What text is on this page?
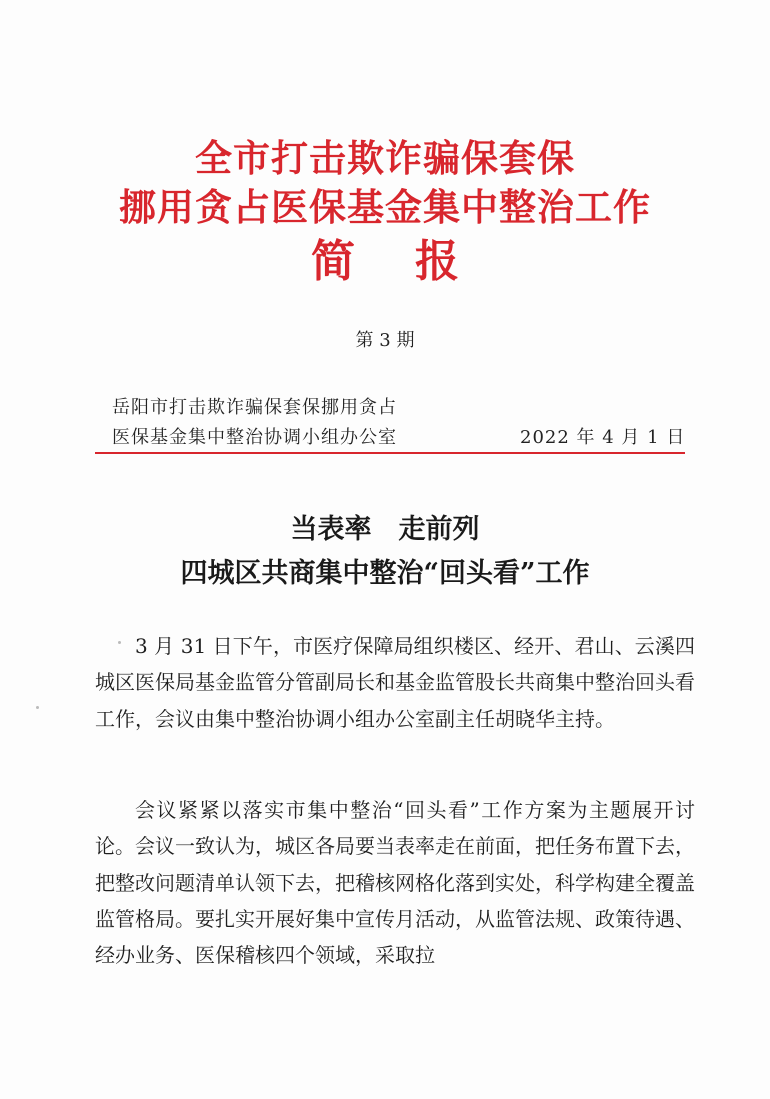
全市打击欺诈骗保套保
挪用贪占医保基金集中整治工作
简报
第 3 期
岳阳市打击欺诈骗保套保挪用贪占
医保基金集中整治协调小组办公室	2022 年 4 月 1 日
当表率　走前列
四城区共商集中整治“回头看”工作

3 月 31 日下午，市医疗保障局组织楼区、经开、君山、云溪四城区医保局基金监管分管副局长和基金监管股长共商集中整治回头看工作，会议由集中整治协调小组办公室副主任胡晓华主持。

会议紧紧以落实市集中整治“回头看”工作方案为主题展开讨论。会议一致认为，城区各局要当表率走在前面，把任务布置下去，把整改问题清单认领下去，把稽核网格化落到实处，科学构建全覆盖监管格局。要扎实开展好集中宣传月活动，从监管法规、政策待遇、经办业务、医保稽核四个领域，采取拉
